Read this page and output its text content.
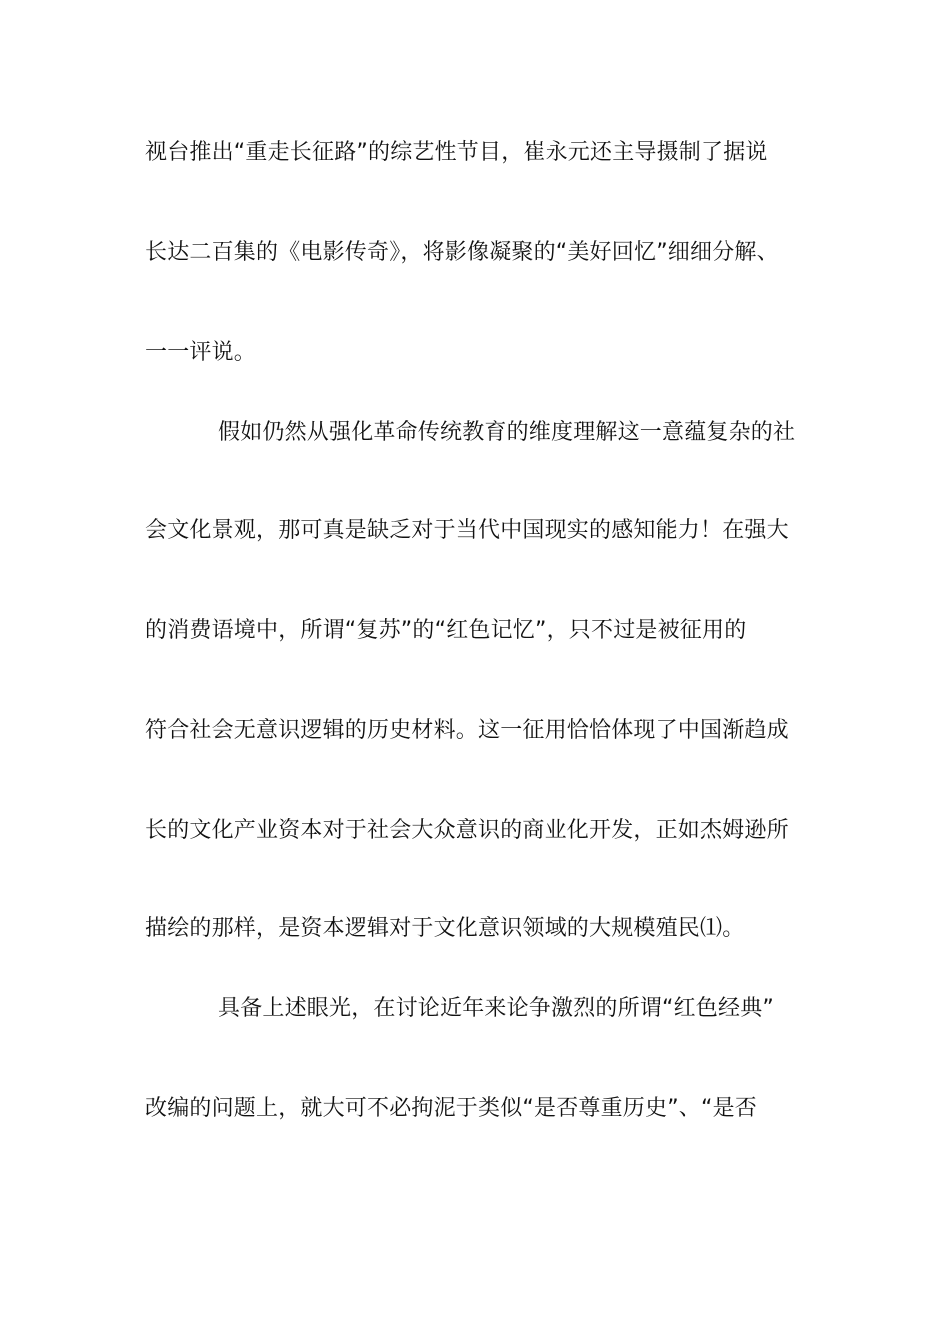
视台推出“重走长征路”的综艺性节目，崔永元还主导摄制了据说
长达二百集的《电影传奇》，将影像凝聚的“美好回忆”细细分解、
一一评说。
假如仍然从强化革命传统教育的维度理解这一意蕴复杂的社
会文化景观，那可真是缺乏对于当代中国现实的感知能力！在强大
的消费语境中，所谓“复苏”的“红色记忆”，只不过是被征用的
符合社会无意识逻辑的历史材料。这一征用恰恰体现了中国渐趋成
长的文化产业资本对于社会大众意识的商业化开发，正如杰姆逊所
描绘的那样，是资本逻辑对于文化意识领域的大规模殖民⑴。
具备上述眼光，在讨论近年来论争激烈的所谓“红色经典”
改编的问题上，就大可不必拘泥于类似“是否尊重历史”、“是否
